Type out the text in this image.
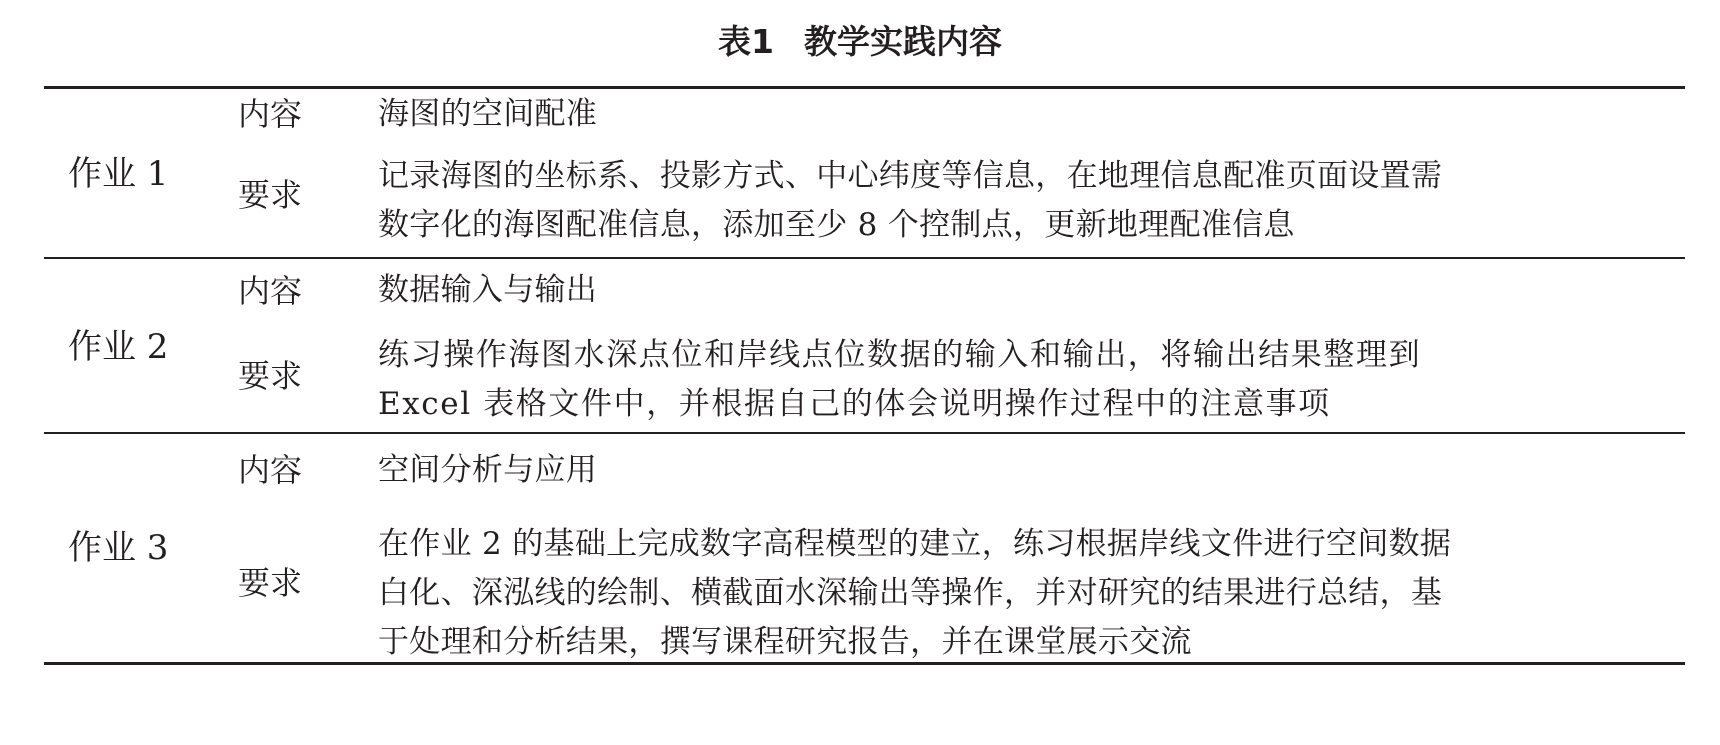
表1 教学实践内容
作业 1
内容 海图的空间配准
要求 记录海图的坐标系、投影方式、中心纬度等信息，在地理信息配准页面设置需
数字化的海图配准信息，添加至少 8 个控制点，更新地理配准信息
作业 2
内容 数据输入与输出
要求
练习操作海图水深点位和岸线点位数据的输入和输出，将输出结果整理到
Excel 表格文件中，并根据自己的体会说明操作过程中的注意事项
作业 3
内容 空间分析与应用
要求
在作业 2 的基础上完成数字高程模型的建立，练习根据岸线文件进行空间数据
白化、深泓线的绘制、横截面水深输出等操作，并对研究的结果进行总结，基
于处理和分析结果，撰写课程研究报告，并在课堂展示交流
